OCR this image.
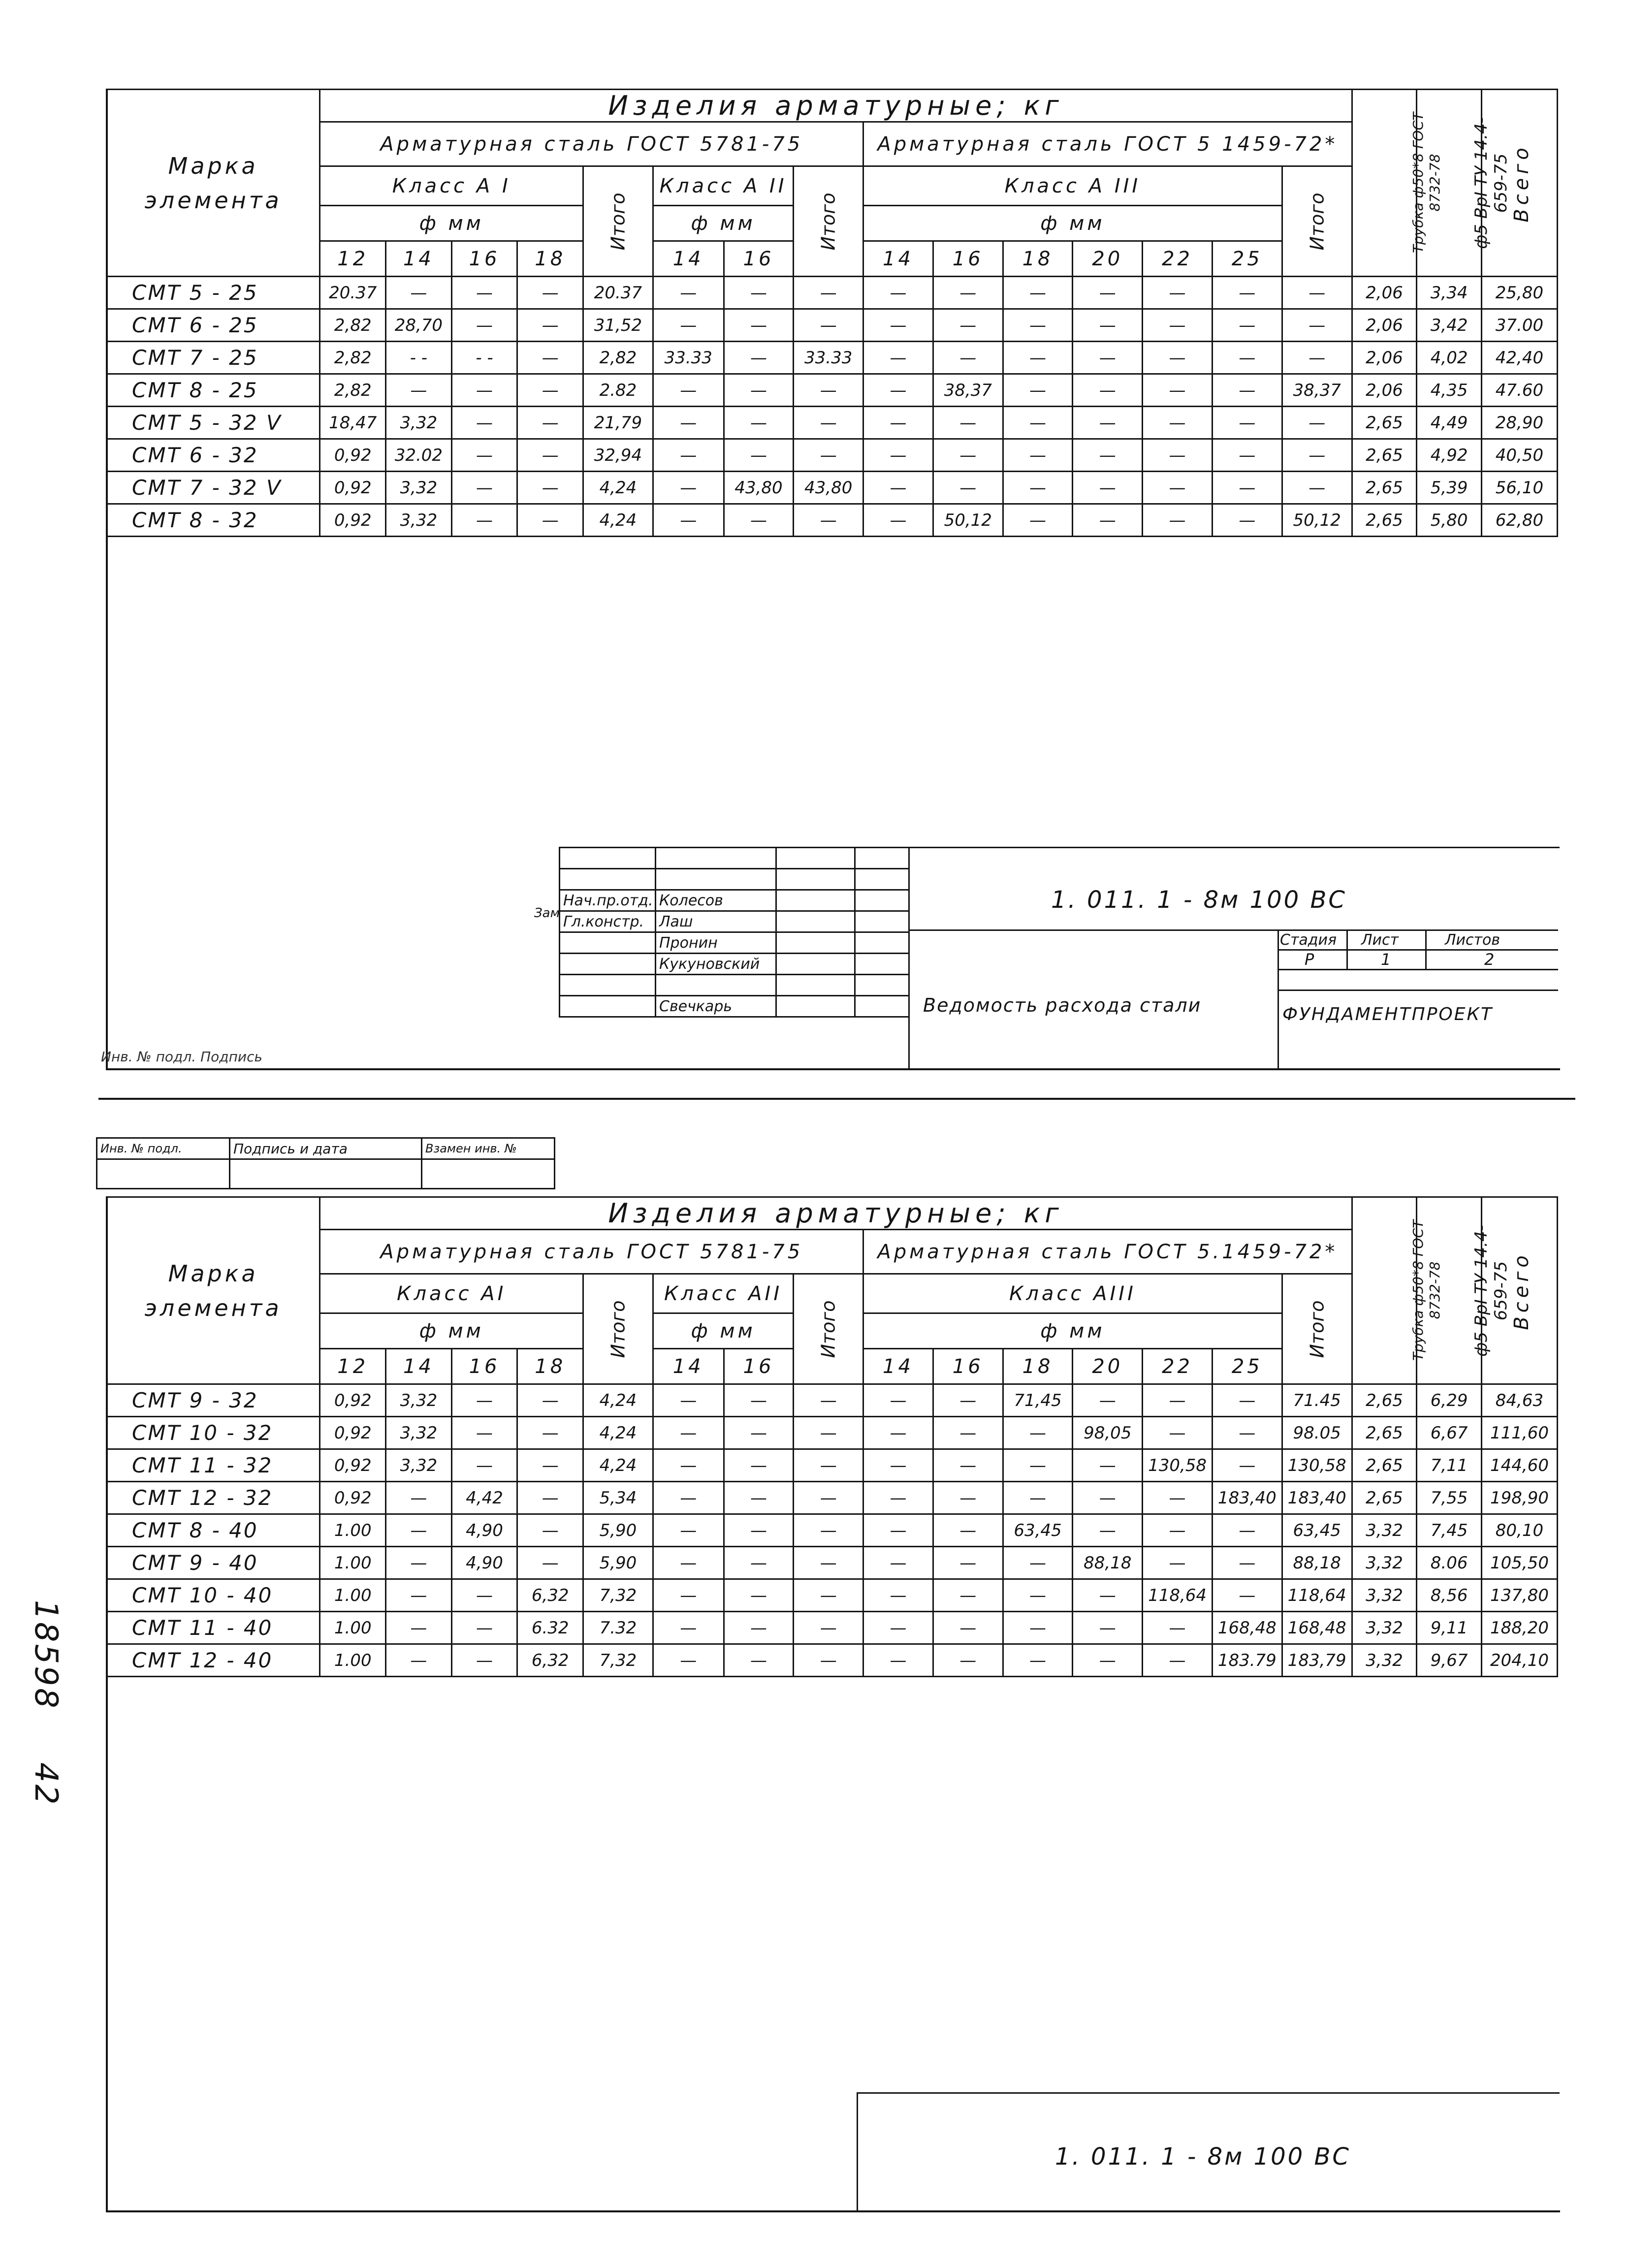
Марка элемента	Изделия арматурные; кг															Трубка ф50*8 ГОСТ 8732-78	ф5 ВрI ТУ 14.4-659-75	Всего
	Арматурная сталь ГОСТ 5781-75								Арматурная сталь ГОСТ 5 1459-72*									
	Класс А I				Итого	Класс А II		Итого	Класс А III						Итого			
	ф мм					ф мм			ф мм									
	12	14	16	18		14	16		14	16	18	20	22	25				
СМТ 5 - 25	20.37	—	—	—	20.37	—	—	—	—	—	—	—	—	—	—	2,06	3,34	25,80
СМТ 6 - 25	2,82	28,70	—	—	31,52	—	—	—	—	—	—	—	—	—	—	2,06	3,42	37.00
СМТ 7 - 25	2,82	- -	- -	—	2,82	33.33	—	33.33	—	—	—	—	—	—	—	2,06	4,02	42,40
СМТ 8 - 25	2,82	—	—	—	2.82	—	—	—	—	38,37	—	—	—	—	38,37	2,06	4,35	47.60
СМТ 5 - 32 V	18,47	3,32	—	—	21,79	—	—	—	—	—	—	—	—	—	—	2,65	4,49	28,90
СМТ 6 - 32	0,92	32.02	—	—	32,94	—	—	—	—	—	—	—	—	—	—	2,65	4,92	40,50
СМТ 7 - 32 V	0,92	3,32	—	—	4,24	—	43,80	43,80	—	—	—	—	—	—	—	2,65	5,39	56,10
СМТ 8 - 32	0,92	3,32	—	—	4,24	—	—	—	—	50,12	—	—	—	—	50,12	2,65	5,80	62,80

Нач.пр.отд.	Колесов		
Гл.констр.	Лаш		
	Пронин		
	Кукуновский		

	Свечкарь		
1. 011. 1 - 8м 100 ВС
Ведомость расхода стали
Стадия Лист	Листов
Р	1	2
ФУНДАМЕНТПРОЕКТ
Зам
Инв. № подл. Подпись
Инв. № подл.	Подпись и дата	Взамен инв. №

Марка элемента	Изделия арматурные; кг															Трубка ф50*8 ГОСТ 8732-78	ф5 ВрI ТУ 14.4-659-75	Всего
	Арматурная сталь ГОСТ 5781-75								Арматурная сталь ГОСТ 5.1459-72*									
	Класс АI				Итого	Класс АII		Итого	Класс АIII						Итого			
	ф мм					ф мм			ф мм									
	12	14	16	18		14	16		14	16	18	20	22	25				
СМТ 9 - 32	0,92	3,32	—	—	4,24	—	—	—	—	—	71,45	—	—	—	71.45	2,65	6,29	84,63
СМТ 10 - 32	0,92	3,32	—	—	4,24	—	—	—	—	—	—	98,05	—	—	98.05	2,65	6,67	111,60
СМТ 11 - 32	0,92	3,32	—	—	4,24	—	—	—	—	—	—	—	130,58	—	130,58	2,65	7,11	144,60
СМТ 12 - 32	0,92	—	4,42	—	5,34	—	—	—	—	—	—	—	—	183,40	183,40	2,65	7,55	198,90
СМТ 8 - 40	1.00	—	4,90	—	5,90	—	—	—	—	—	63,45	—	—	—	63,45	3,32	7,45	80,10
СМТ 9 - 40	1.00	—	4,90	—	5,90	—	—	—	—	—	—	88,18	—	—	88,18	3,32	8.06	105,50
СМТ 10 - 40	1.00	—	—	6,32	7,32	—	—	—	—	—	—	—	118,64	—	118,64	3,32	8,56	137,80
СМТ 11 - 40	1.00	—	—	6.32	7.32	—	—	—	—	—	—	—	—	168,48	168,48	3,32	9,11	188,20
СМТ 12 - 40	1.00	—	—	6,32	7,32	—	—	—	—	—	—	—	—	183.79	183,79	3,32	9,67	204,10

1. 011. 1 - 8м 100 ВС
18598
42
